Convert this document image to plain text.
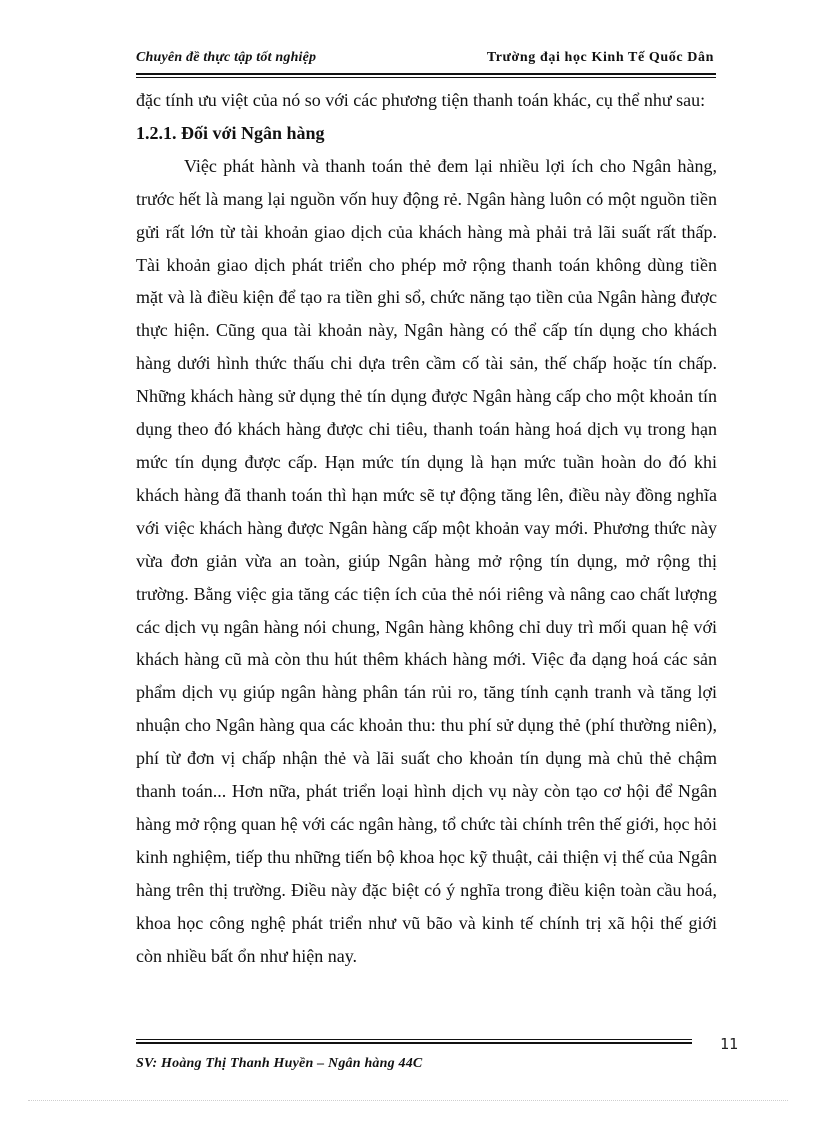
Chuyên đề thực tập tốt nghiệp	Trường đại học Kinh Tế Quốc Dân

đặc tính ưu việt của nó so với các phương tiện thanh toán khác, cụ thể như sau:

1.2.1. Đối với Ngân hàng

Việc phát hành và thanh toán thẻ đem lại nhiều lợi ích cho Ngân hàng, trước hết là mang lại nguồn vốn huy động rẻ. Ngân hàng luôn có một nguồn tiền gửi rất lớn từ tài khoản giao dịch của khách hàng mà phải trả lãi suất rất thấp. Tài khoản giao dịch phát triển cho phép mở rộng thanh toán không dùng tiền mặt và là điều kiện để tạo ra tiền ghi sổ, chức năng tạo tiền của Ngân hàng được thực hiện. Cũng qua tài khoản này, Ngân hàng có thể cấp tín dụng cho khách hàng dưới hình thức thấu chi dựa trên cầm cố tài sản, thế chấp hoặc tín chấp. Những khách hàng sử dụng thẻ tín dụng được Ngân hàng cấp cho một khoản tín dụng theo đó khách hàng được chi tiêu, thanh toán hàng hoá dịch vụ trong hạn mức tín dụng được cấp. Hạn mức tín dụng là hạn mức tuần hoàn do đó khi khách hàng đã thanh toán thì hạn mức sẽ tự động tăng lên, điều này đồng nghĩa với việc khách hàng được Ngân hàng cấp một khoản vay mới. Phương thức này vừa đơn giản vừa an toàn, giúp Ngân hàng mở rộng tín dụng, mở rộng thị trường. Bằng việc gia tăng các tiện ích của thẻ nói riêng và nâng cao chất lượng các dịch vụ ngân hàng nói chung, Ngân hàng không chỉ duy trì mối quan hệ với khách hàng cũ mà còn thu hút thêm khách hàng mới. Việc đa dạng hoá các sản phẩm dịch vụ giúp ngân hàng phân tán rủi ro, tăng tính cạnh tranh và tăng lợi nhuận cho Ngân hàng qua các khoản thu: thu phí sử dụng thẻ (phí thường niên), phí từ đơn vị chấp nhận thẻ và lãi suất cho khoản tín dụng mà chủ thẻ chậm thanh toán... Hơn nữa, phát triển loại hình dịch vụ này còn tạo cơ hội để Ngân hàng mở rộng quan hệ với các ngân hàng, tổ chức tài chính trên thế giới, học hỏi kinh nghiệm, tiếp thu những tiến bộ khoa học kỹ thuật, cải thiện vị thế của Ngân hàng trên thị trường. Điều này đặc biệt có ý nghĩa trong điều kiện toàn cầu hoá, khoa học công nghệ phát triển như vũ bão và kinh tế chính trị xã hội thế giới còn nhiều bất ổn như hiện nay.

11
SV: Hoàng Thị Thanh Huyền – Ngân hàng 44C
